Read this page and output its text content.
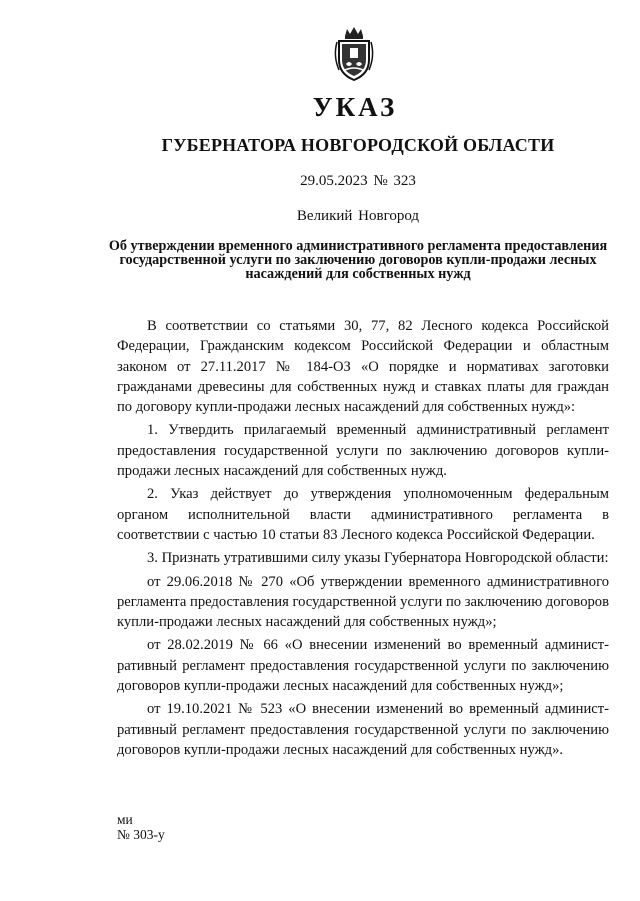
УКАЗ
ГУБЕРНАТОРА НОВГОРОДСКОЙ ОБЛАСТИ
29.05.2023 № 323
Великий Новгород
Об утверждении временного административного регламента предоставления государственной услуги по заключению договоров купли-продажи лесных насаждений для собственных нужд

В соответствии со статьями 30, 77, 82 Лесного кодекса Российской Федерации, Гражданским кодексом Российской Федерации и областным законом от 27.11.2017 № 184-ОЗ «О порядке и нормативах заготовки гражданами древесины для собственных нужд и ставках платы для граждан по договору купли-продажи лесных насаждений для собственных нужд»:

1. Утвердить прилагаемый временный административный регламент предоставления государственной услуги по заключению договоров купли-продажи лесных насаждений для собственных нужд.

2. Указ действует до утверждения уполномоченным федеральным органом исполнительной власти административного регламента в соответствии с частью 10 статьи 83 Лесного кодекса Российской Федерации.

3. Признать утратившими силу указы Губернатора Новгородской области:

от 29.06.2018 № 270 «Об утверждении временного административного регламента предоставления государственной услуги по заключению договоров купли-продажи лесных насаждений для собственных нужд»;

от 28.02.2019 № 66 «О внесении изменений во временный админист-ративный регламент предоставления государственной услуги по заключению договоров купли-продажи лесных насаждений для собственных нужд»;

от 19.10.2021 № 523 «О внесении изменений во временный админист-ративный регламент предоставления государственной услуги по заключению договоров купли-продажи лесных насаждений для собственных нужд».

ми
№ 303-у
